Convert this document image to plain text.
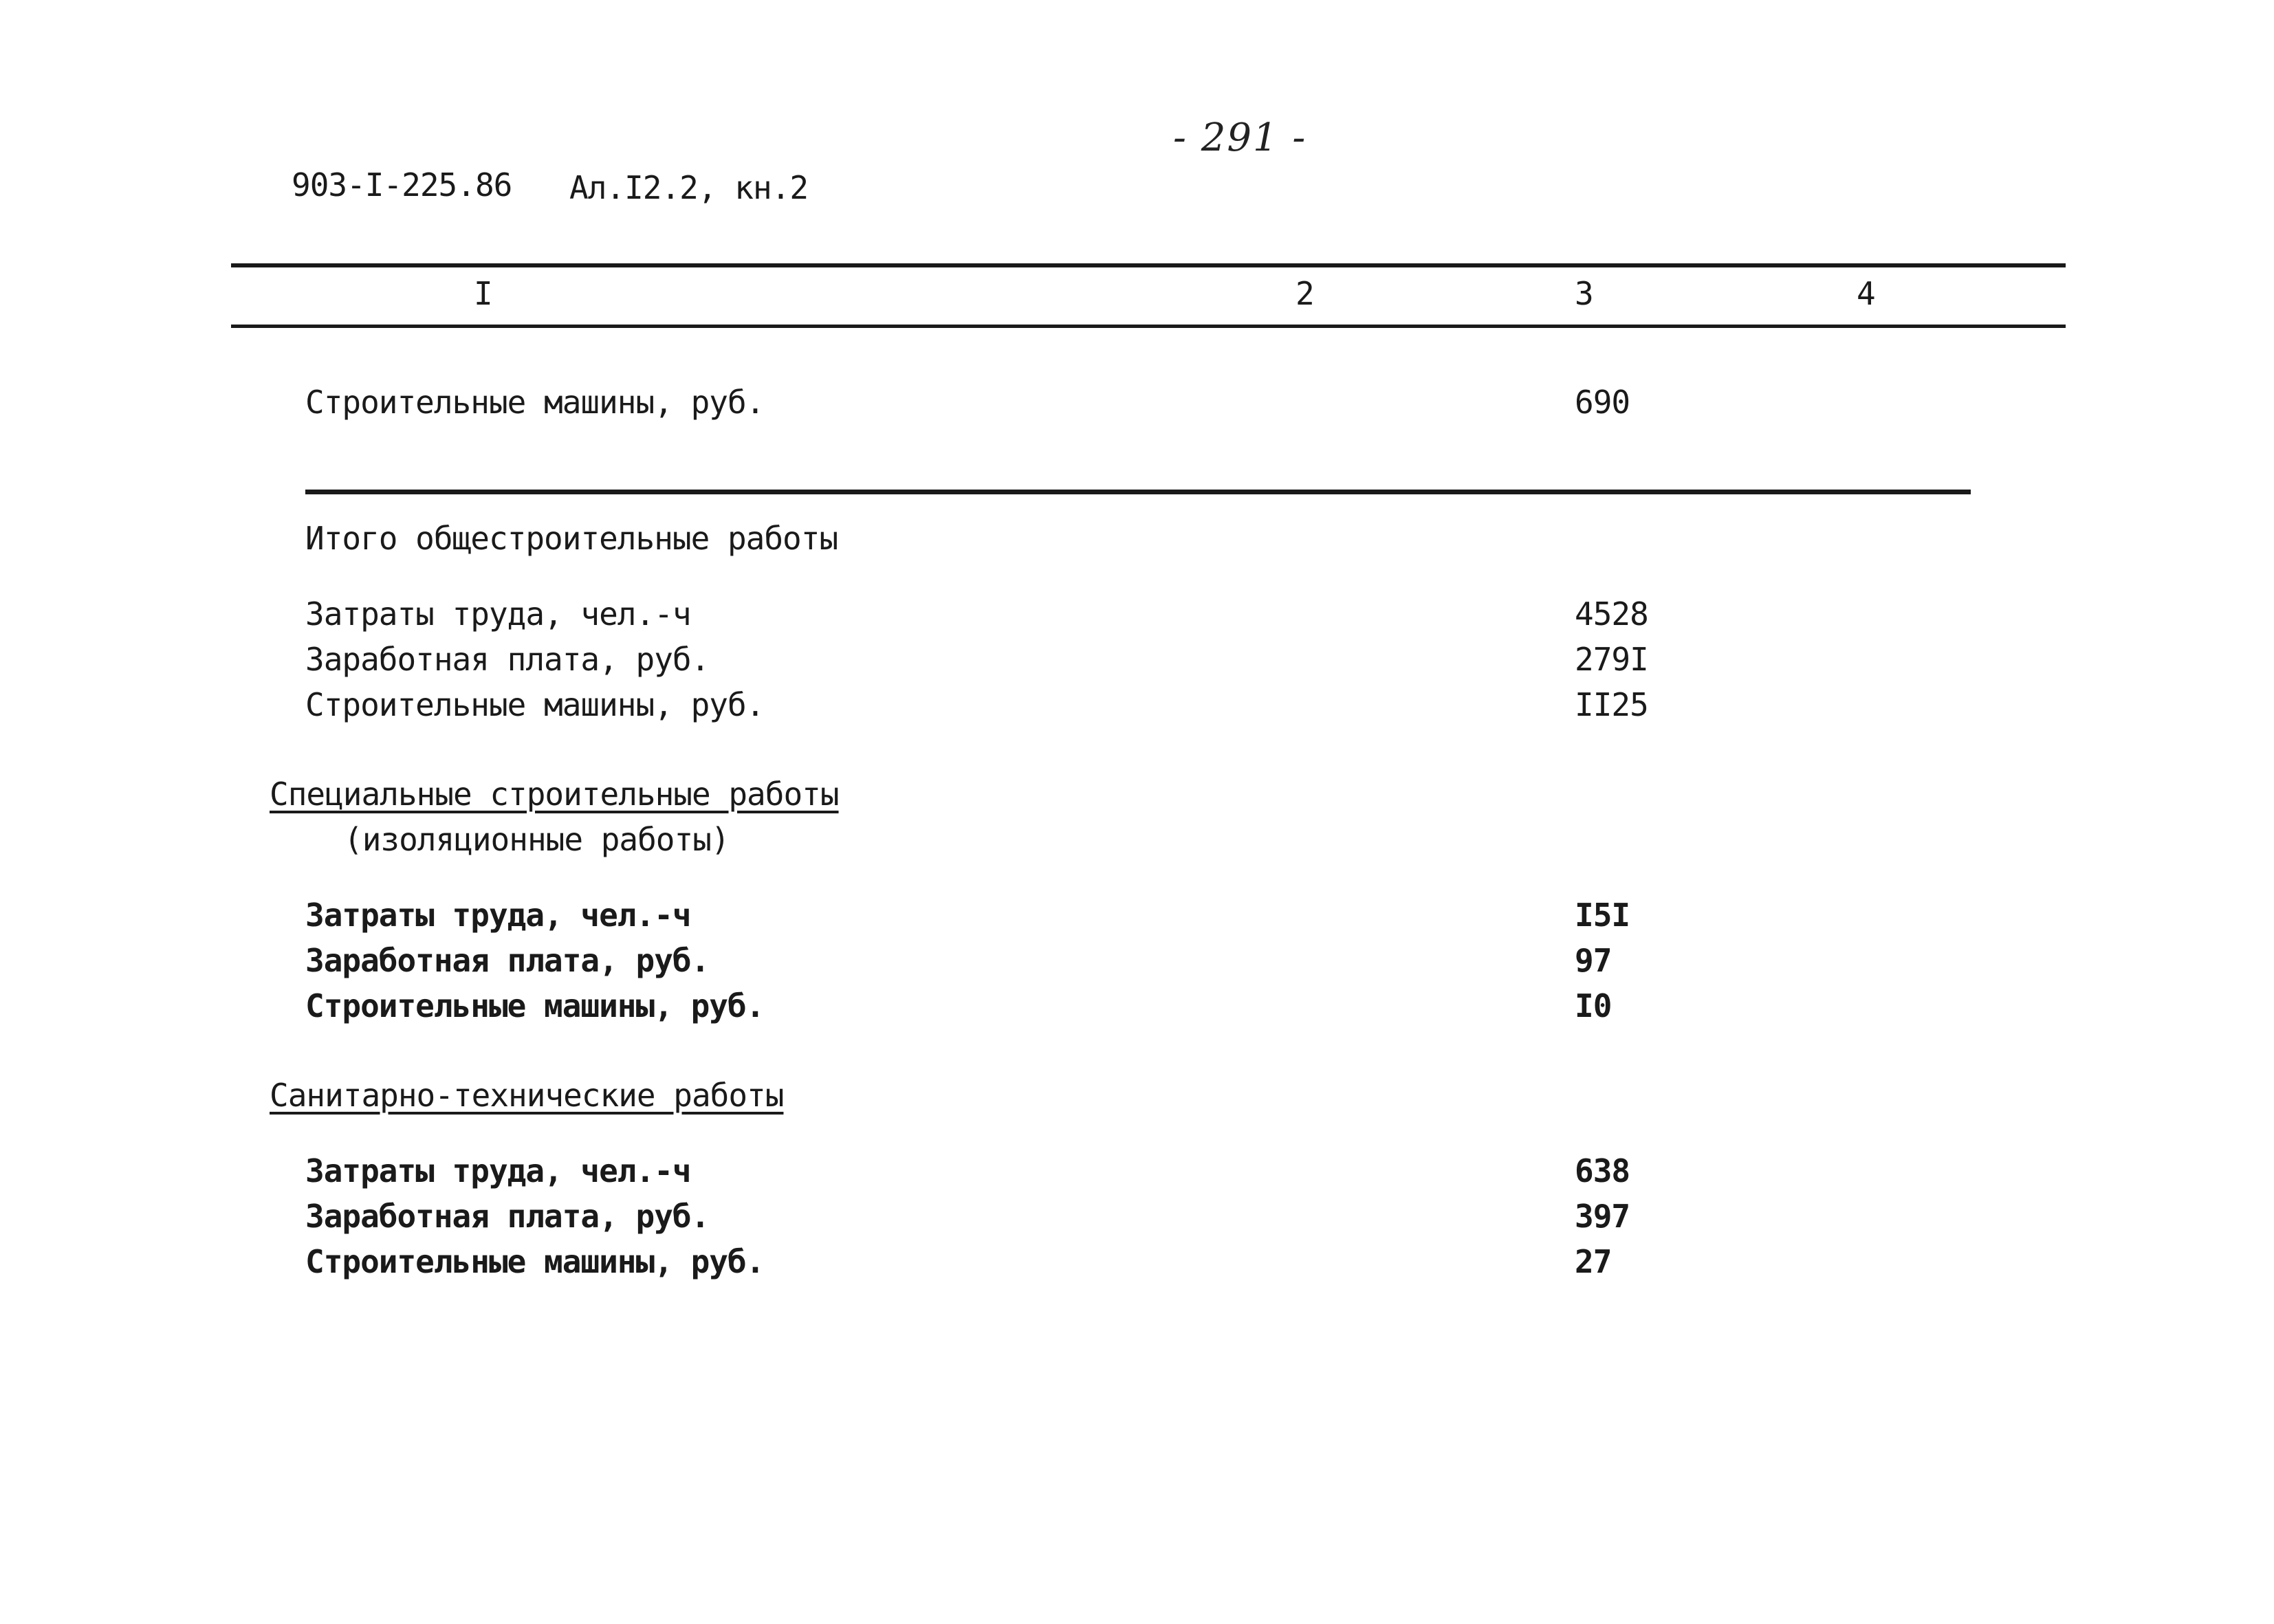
- 291 -
903-I-225.86 Ал.I2.2, кн.2
I	2	3	4
Строительные машины, руб.	690
Итого общестроительные работы
Затраты труда, чел.-ч	4528
Заработная плата, руб.	279I
Строительные машины, руб.	II25
Специальные строительные работы
(изоляционные работы)
Затраты труда, чел.-ч	I5I
Заработная плата, руб.	97
Строительные машины, руб.	I0
Санитарно-технические работы
Затраты труда, чел.-ч	638
Заработная плата, руб.	397
Строительные машины, руб.	27
